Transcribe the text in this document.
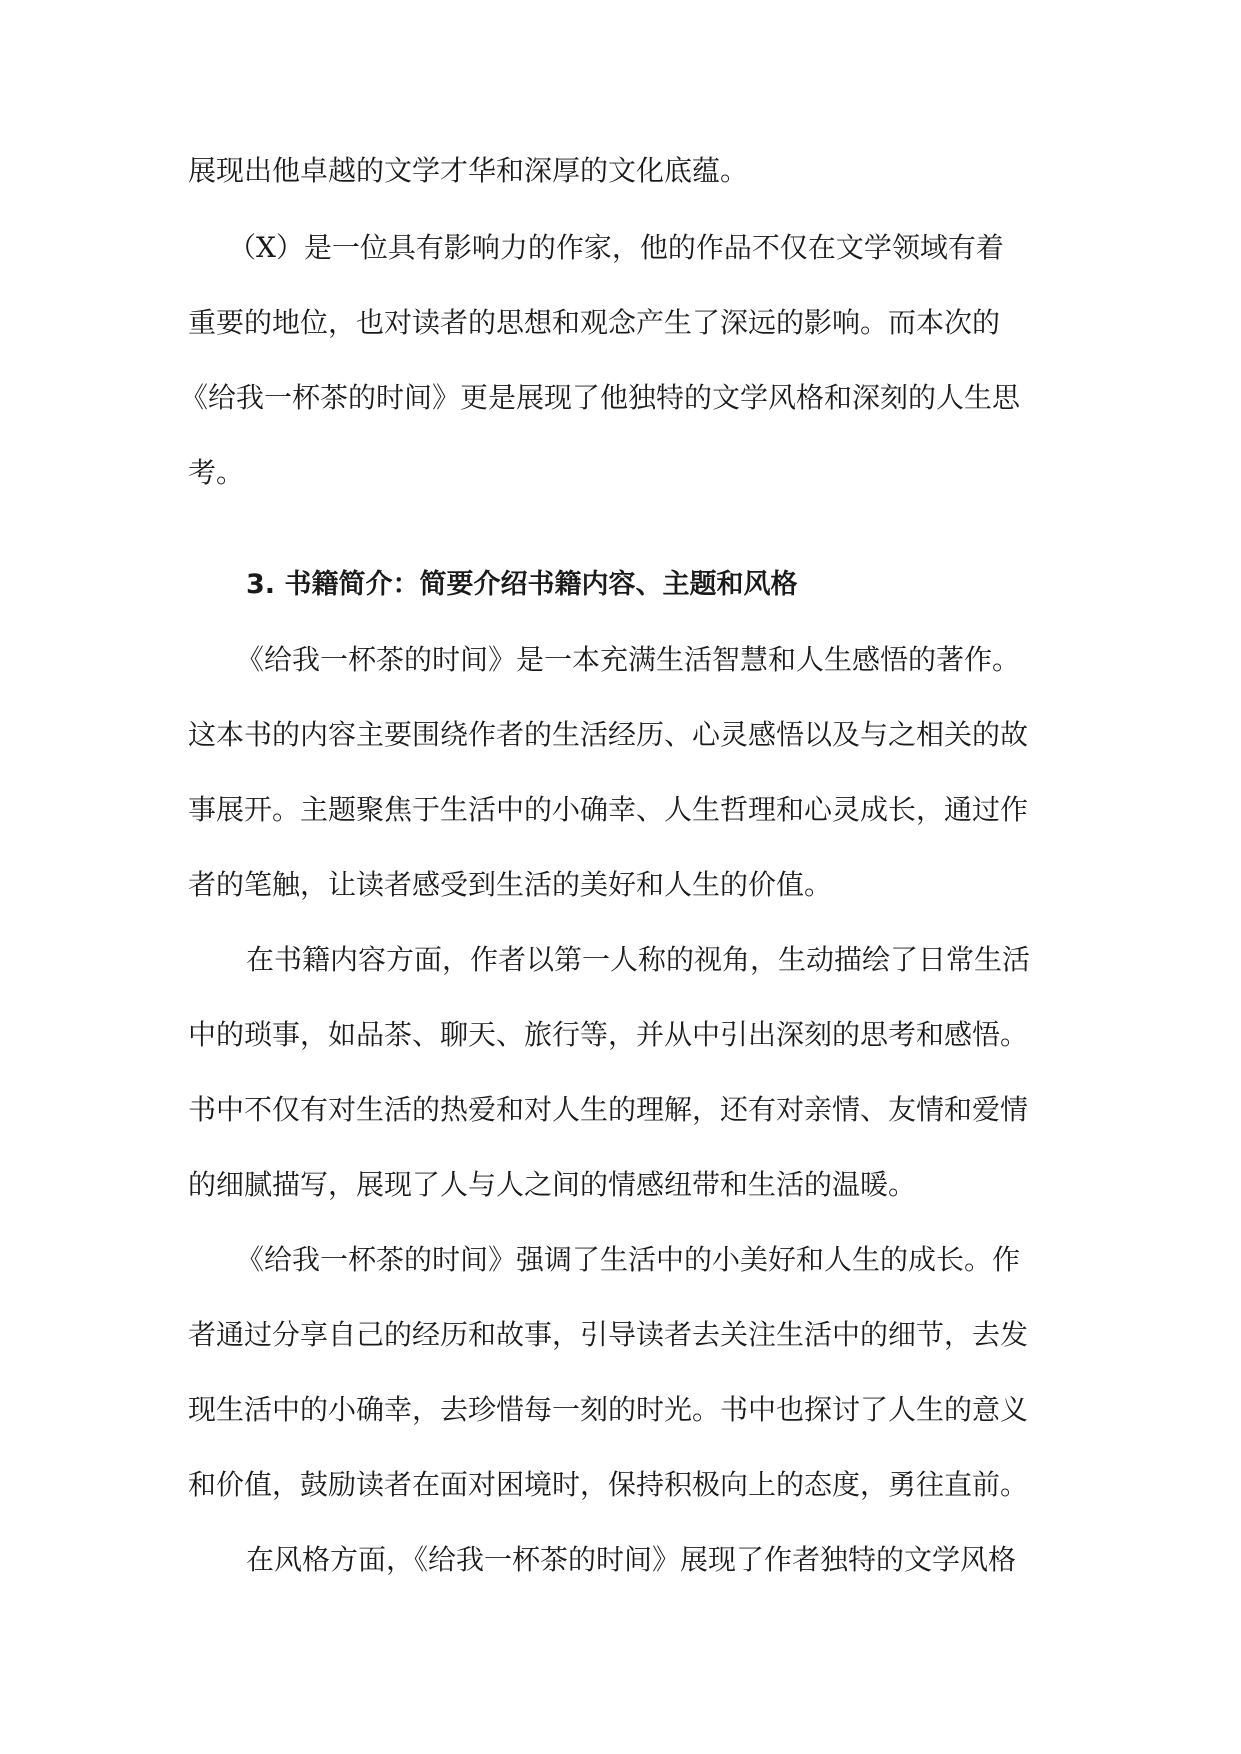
展现出他卓越的文学才华和深厚的文化底蕴。
（X）是一位具有影响力的作家，他的作品不仅在文学领域有着
重要的地位，也对读者的思想和观念产生了深远的影响。而本次的
《给我一杯茶的时间》更是展现了他独特的文学风格和深刻的人生思
考。
3. 书籍简介：简要介绍书籍内容、主题和风格
《给我一杯茶的时间》是一本充满生活智慧和人生感悟的著作。
这本书的内容主要围绕作者的生活经历、心灵感悟以及与之相关的故
事展开。主题聚焦于生活中的小确幸、人生哲理和心灵成长，通过作
者的笔触，让读者感受到生活的美好和人生的价值。
在书籍内容方面，作者以第一人称的视角，生动描绘了日常生活
中的琐事，如品茶、聊天、旅行等，并从中引出深刻的思考和感悟。
书中不仅有对生活的热爱和对人生的理解，还有对亲情、友情和爱情
的细腻描写，展现了人与人之间的情感纽带和生活的温暖。
《给我一杯茶的时间》强调了生活中的小美好和人生的成长。作
者通过分享自己的经历和故事，引导读者去关注生活中的细节，去发
现生活中的小确幸，去珍惜每一刻的时光。书中也探讨了人生的意义
和价值，鼓励读者在面对困境时，保持积极向上的态度，勇往直前。
在风格方面，《给我一杯茶的时间》展现了作者独特的文学风格
